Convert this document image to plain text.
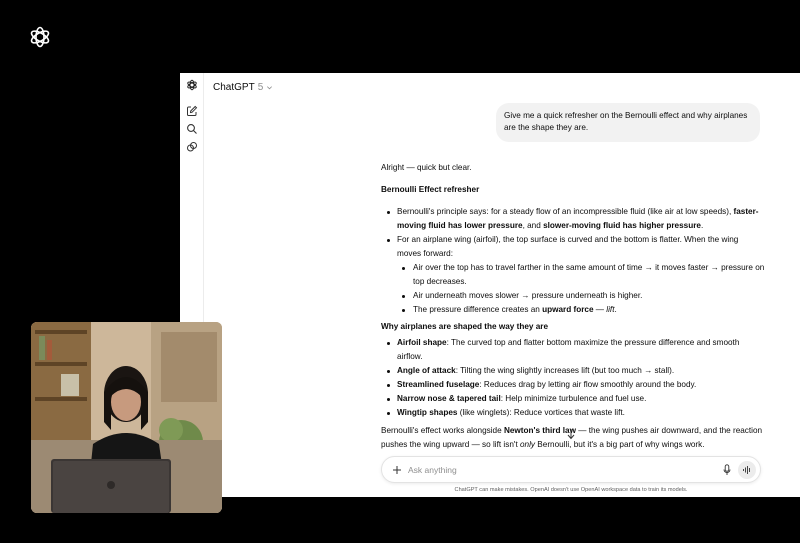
ChatGPT 5
Give me a quick refresher on the Bernoulli effect and why airplanes are the shape they are.
Alright — quick but clear.
Bernoulli Effect refresher
Bernoulli's principle says: for a steady flow of an incompressible fluid (like air at low speeds), faster-
moving fluid has lower pressure, and slower-moving fluid has higher pressure.
For an airplane wing (airfoil), the top surface is curved and the bottom is flatter. When the wing
moves forward:
Air over the top has to travel farther in the same amount of time → it moves faster → pressure on
top decreases.
Air underneath moves slower → pressure underneath is higher.
The pressure difference creates an upward force — lift.
Why airplanes are shaped the way they are
Airfoil shape: The curved top and flatter bottom maximize the pressure difference and smooth
airflow.
Angle of attack: Tilting the wing slightly increases lift (but too much → stall).
Streamlined fuselage: Reduces drag by letting air flow smoothly around the body.
Narrow nose & tapered tail: Help minimize turbulence and fuel use.
Wingtip shapes (like winglets): Reduce vortices that waste lift.
Bernoulli's effect works alongside Newton's third law — the wing pushes air downward, and the reaction
pushes the wing upward — so lift isn't only Bernoulli, but it's a big part of why wings work.
Ask anything
ChatGPT can make mistakes. OpenAI doesn't use OpenAI workspace data to train its models.
